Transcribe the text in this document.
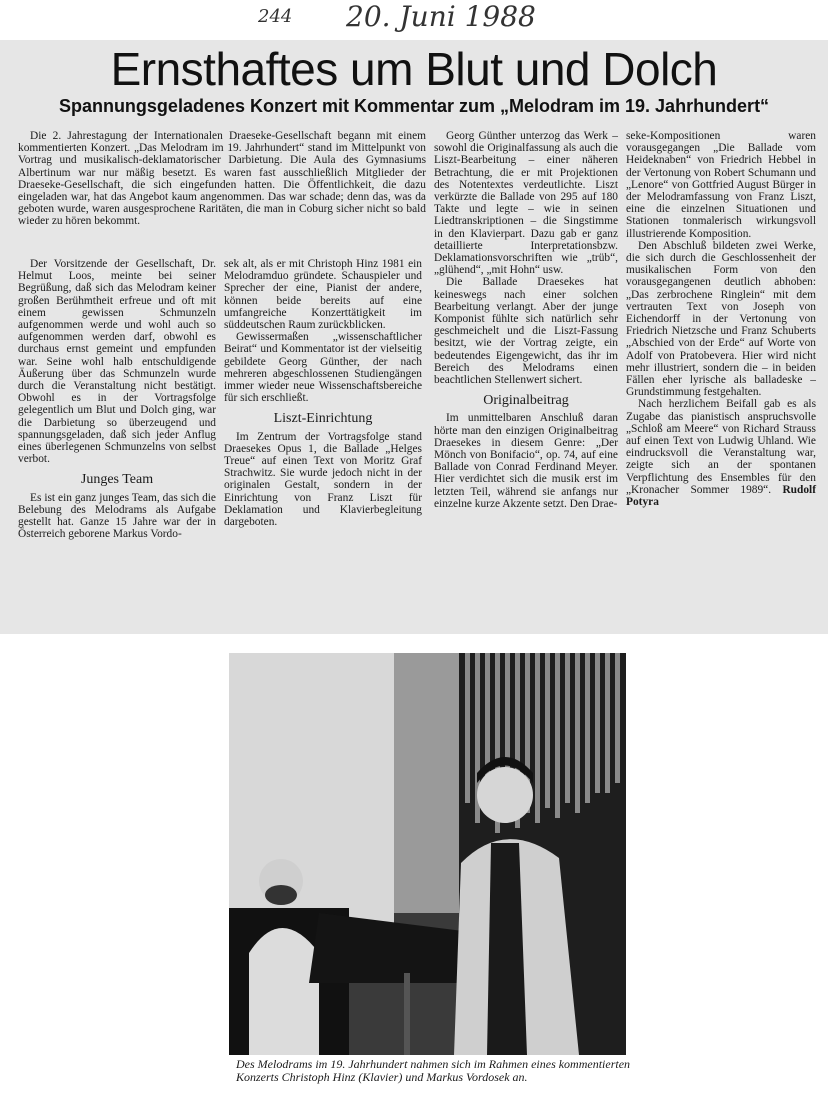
244 20. Juni 1988
Ernsthaftes um Blut und Dolch
Spannungsgeladenes Konzert mit Kommentar zum „Melodram im 19. Jahrhundert“

Die 2. Jahrestagung der Internationalen Draeseke-Gesellschaft begann mit einem kommentierten Konzert. „Das Melodram im 19. Jahrhundert“ stand im Mittelpunkt von Vortrag und musikalisch-deklamatorischer Darbietung. Die Aula des Gymnasiums Albertinum war nur mäßig besetzt. Es waren fast ausschließlich Mitglieder der Draeseke-Gesellschaft, die sich eingefunden hatten. Die Öffentlichkeit, die dazu eingeladen war, hat das Angebot kaum angenommen. Das war schade; denn das, was da geboten wurde, waren ausgesprochene Raritäten, die man in Coburg sicher nicht so bald wieder zu hören bekommt.

Der Vorsitzende der Gesellschaft, Dr. Helmut Loos, meinte bei seiner Begrüßung, daß sich das Melodram keiner großen Berühmtheit erfreue und oft mit einem gewissen Schmunzeln aufgenommen werde und wohl auch so aufgenommen werden darf, obwohl es durchaus ernst gemeint und empfunden war. Seine wohl halb entschuldigende Äußerung über das Schmunzeln wurde durch die Veranstaltung nicht bestätigt. Obwohl es in der Vortragsfolge gelegentlich um Blut und Dolch ging, war die Darbietung so überzeugend und spannungsgeladen, daß sich jeder Anflug eines überlegenen Schmunzelns von selbst verbot.

Junges Team

Es ist ein ganz junges Team, das sich die Belebung des Melodrams als Aufgabe gestellt hat. Ganze 15 Jahre war der in Österreich geborene Markus Vordo-

sek alt, als er mit Christoph Hinz 1981 ein Melodramduo gründete. Schauspieler und Sprecher der eine, Pianist der andere, können beide bereits auf eine umfangreiche Konzerttätigkeit im süddeutschen Raum zurückblicken.

Gewissermaßen „wissenschaftlicher Beirat“ und Kommentator ist der vielseitig gebildete Georg Günther, der nach mehreren abgeschlossenen Studiengängen immer wieder neue Wissenschaftsbereiche für sich erschließt.

Liszt-Einrichtung

Im Zentrum der Vortragsfolge stand Draesekes Opus 1, die Ballade „Helges Treue“ auf einen Text von Moritz Graf Strachwitz. Sie wurde jedoch nicht in der originalen Gestalt, sondern in der Einrichtung von Franz Liszt für Deklamation und Klavierbegleitung dargeboten.

Georg Günther unterzog das Werk – sowohl die Originalfassung als auch die Liszt-Bearbeitung – einer näheren Betrachtung, die er mit Projektionen des Notentextes verdeutlichte. Liszt verkürzte die Ballade von 295 auf 180 Takte und legte – wie in seinen Liedtranskriptionen – die Singstimme in den Klavierpart. Dazu gab er ganz detaillierte Interpretationsbzw. Deklamationsvorschriften wie „trüb“, „glühend“, „mit Hohn“ usw.

Die Ballade Draesekes hat keineswegs nach einer solchen Bearbeitung verlangt. Aber der junge Komponist fühlte sich natürlich sehr geschmeichelt und die Liszt-Fassung besitzt, wie der Vortrag zeigte, ein bedeutendes Eigengewicht, das ihr im Bereich des Melodrams einen beachtlichen Stellenwert sichert.

Originalbeitrag

Im unmittelbaren Anschluß daran hörte man den einzigen Originalbeitrag Draesekes in diesem Genre: „Der Mönch von Bonifacio“, op. 74, auf eine Ballade von Conrad Ferdinand Meyer. Hier verdichtet sich die musik erst im letzten Teil, während sie anfangs nur einzelne kurze Akzente setzt. Den Drae-

seke-Kompositionen waren vorausgegangen „Die Ballade vom Heideknaben“ von Friedrich Hebbel in der Vertonung von Robert Schumann und „Lenore“ von Gottfried August Bürger in der Melodramfassung von Franz Liszt, eine die einzelnen Situationen und Stationen tonmalerisch wirkungsvoll illustrierende Komposition.

Den Abschluß bildeten zwei Werke, die sich durch die Geschlossenheit der musikalischen Form von den vorausgegangenen deutlich abhoben: „Das zerbrochene Ringlein“ mit dem vertrauten Text von Joseph von Eichendorff in der Vertonung von Friedrich Nietzsche und Franz Schuberts „Abschied von der Erde“ auf Worte von Adolf von Pratobevera. Hier wird nicht mehr illustriert, sondern die – in beiden Fällen eher lyrische als balladeske – Grundstimmung festgehalten.

Nach herzlichem Beifall gab es als Zugabe das pianistisch anspruchsvolle „Schloß am Meere“ von Richard Strauss auf einen Text von Ludwig Uhland. Wie eindrucksvoll die Veranstaltung war, zeigte sich an der spontanen Verpflichtung des Ensembles für den „Kronacher Sommer 1989“. Rudolf Potyra

Des Melodrams im 19. Jahrhundert nahmen sich im Rahmen eines kommentierten Konzerts Christoph Hinz (Klavier) und Markus Vordosek an.
